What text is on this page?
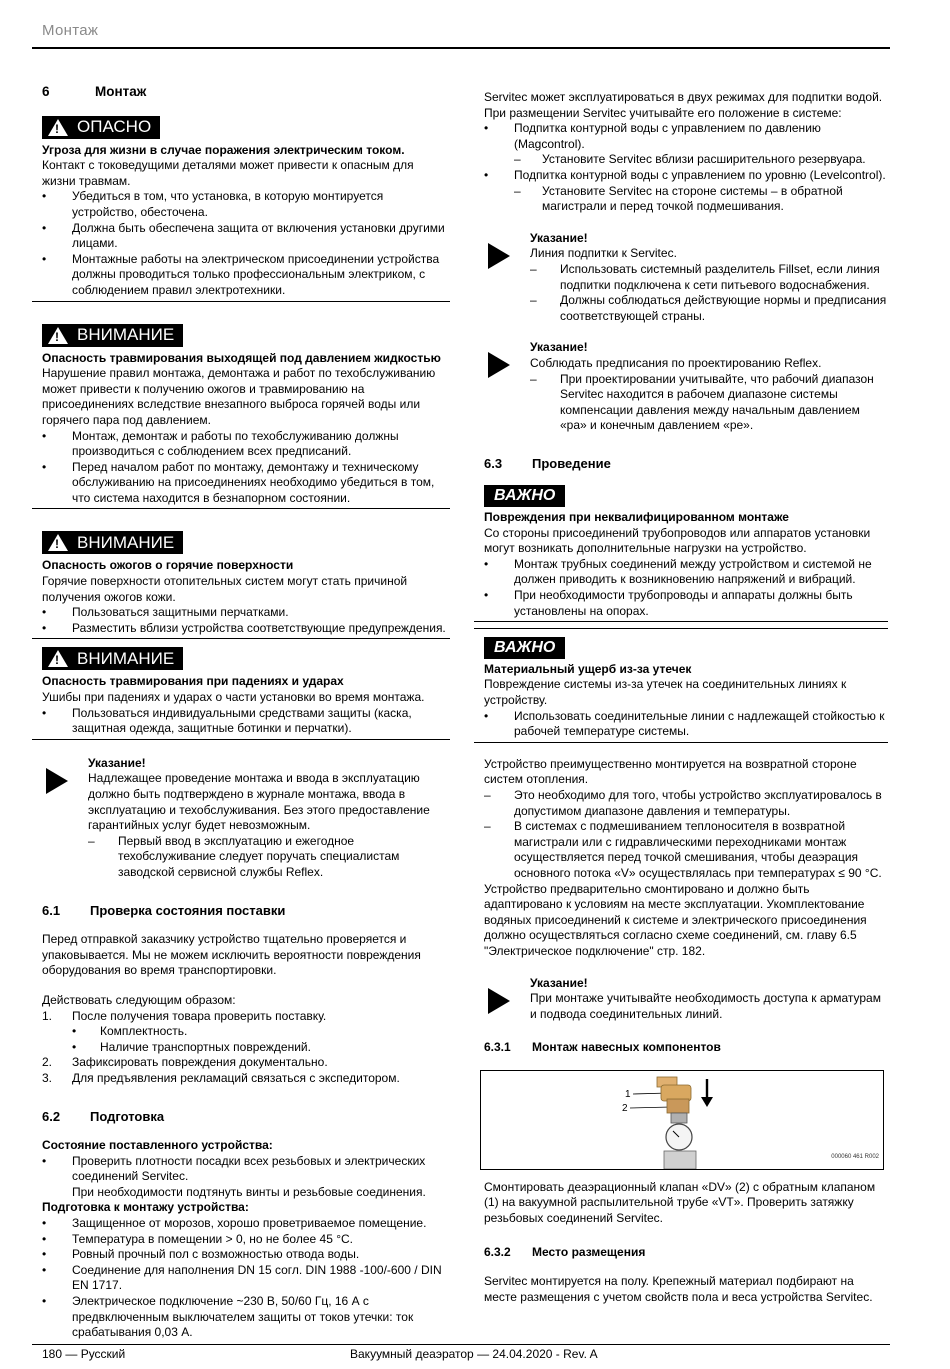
Монтаж
6	Монтаж
!
ОПАСНО
Угроза для жизни в случае поражения электрическим током.
Контакт с токоведущими деталями может привести к опасным для жизни травмам.
•	Убедиться в том, что установка, в которую монтируется устройство, обесточена.
•	Должна быть обеспечена защита от включения установки другими лицами.
•	Монтажные работы на электрическом присоединении устройства должны проводиться только профессиональным электриком, с соблюдением правил электротехники.
!
ВНИМАНИЕ
Опасность травмирования выходящей под давлением жидкостью
Нарушение правил монтажа, демонтажа и работ по техобслуживанию может привести к получению ожогов и травмированию на присоединениях вследствие внезапного выброса горячей воды или горячего пара под давлением.
•	Монтаж, демонтаж и работы по техобслуживанию должны производиться с соблюдением всех предписаний.
•	Перед началом работ по монтажу, демонтажу и техническому обслуживанию на присоединениях необходимо убедиться в том, что система находится в безнапорном состоянии.
!
ВНИМАНИЕ
Опасность ожогов о горячие поверхности
Горячие поверхности отопительных систем могут стать причиной получения ожогов кожи.
•	Пользоваться защитными перчатками.
•	Разместить вблизи устройства соответствующие предупреждения.
!
ВНИМАНИЕ
Опасность травмирования при падениях и ударах
Ушибы при падениях и ударах о части установки во время монтажа.
•	Пользоваться индивидуальными средствами защиты (каска, защитная одежда, защитные ботинки и перчатки).
Указание!
Надлежащее проведение монтажа и ввода в эксплуатацию должно быть подтверждено в журнале монтажа, ввода в эксплуатацию и техобслуживания. Без этого предоставление гарантийных услуг будет невозможным.
–	Первый ввод в эксплуатацию и ежегодное техобслуживание следует поручать специалистам заводской сервисной службы Reflex.
6.1	Проверка состояния поставки
Перед отправкой заказчику устройство тщательно проверяется и упаковывается. Мы не можем исключить вероятности повреждения оборудования во время транспортировки.
Действовать следующим образом:
1.	После получения товара проверить поставку.
•	Комплектность.
•	Наличие транспортных повреждений.
2.	Зафиксировать повреждения документально.
3.	Для предъявления рекламаций связаться с экспедитором.
6.2	Подготовка
Состояние поставленного устройства:
•	Проверить плотности посадки всех резьбовых и электрических соединений Servitec.
При необходимости подтянуть винты и резьбовые соединения.
Подготовка к монтажу устройства:
•	Защищенное от морозов, хорошо проветриваемое помещение.
•	Температура в помещении > 0, но не более 45 °C.
•	Ровный прочный пол с возможностью отвода воды.
•	Соединение для наполнения DN 15 согл. DIN 1988 -100/-600 / DIN EN 1717.
•	Электрическое подключение ~230 В, 50/60 Гц, 16 А с предвключенным выключателем защиты от токов утечки: ток срабатывания 0,03 А.
Servitec может эксплуатироваться в двух режимах для подпитки водой. При размещении Servitec учитывайте его положение в системе:
•	Подпитка контурной воды с управлением по давлению (Magcontrol).
–	Установите Servitec вблизи расширительного резервуара.
•	Подпитка контурной воды с управлением по уровню (Levelcontrol).
–	Установите Servitec на стороне системы – в обратной магистрали и перед точкой подмешивания.
Указание!
Линия подпитки к Servitec.
–	Использовать системный разделитель Fillset, если линия подпитки подключена к сети питьевого водоснабжения.
–	Должны соблюдаться действующие нормы и предписания соответствующей страны.
Указание!
Соблюдать предписания по проектированию Reflex.
–	При проектировании учитывайте, что рабочий диапазон Servitec находится в рабочем диапазоне системы компенсации давления между начальным давлением «pa» и конечным давлением «pe».
6.3	Проведение
ВАЖНО
Повреждения при неквалифицированном монтаже
Со стороны присоединений трубопроводов или аппаратов установки могут возникать дополнительные нагрузки на устройство.
•	Монтаж трубных соединений между устройством и системой не должен приводить к возникновению напряжений и вибраций.
•	При необходимости трубопроводы и аппараты должны быть установлены на опорах.
ВАЖНО
Материальный ущерб из-за утечек
Повреждение системы из-за утечек на соединительных линиях к устройству.
•	Использовать соединительные линии с надлежащей стойкостью к рабочей температуре системы.
Устройство преимущественно монтируется на возвратной стороне систем отопления.
–	Это необходимо для того, чтобы устройство эксплуатировалось в допустимом диапазоне давления и температуры.
–	В системах с подмешиванием теплоносителя в возвратной магистрали или с гидравлическими переходниками монтаж осуществляется перед точкой смешивания, чтобы деаэрация основного потока «V» осуществлялась при температурах ≤ 90 °C.
Устройство предварительно смонтировано и должно быть адаптировано к условиям на месте эксплуатации. Укомплектование водяных присоединений к системе и электрического присоединения должно осуществляться согласно схеме соединений, см. главу 6.5 "Электрическое подключение" стр. 182.
Указание!
При монтаже учитывайте необходимость доступа к арматурам и подвода соединительных линий.
6.3.1	Монтаж навесных компонентов
1
2
000060 461 R002
Смонтировать деаэрационный клапан «DV» (2) с обратным клапаном (1) на вакуумной распылительной трубе «VT». Проверить затяжку резьбовых соединений Servitec.
6.3.2	Место размещения
Servitec монтируется на полу. Крепежный материал подбирают на месте размещения с учетом свойств пола и веса устройства Servitec.
180 — Русский	Вакуумный деаэратор — 24.04.2020 - Rev. A
